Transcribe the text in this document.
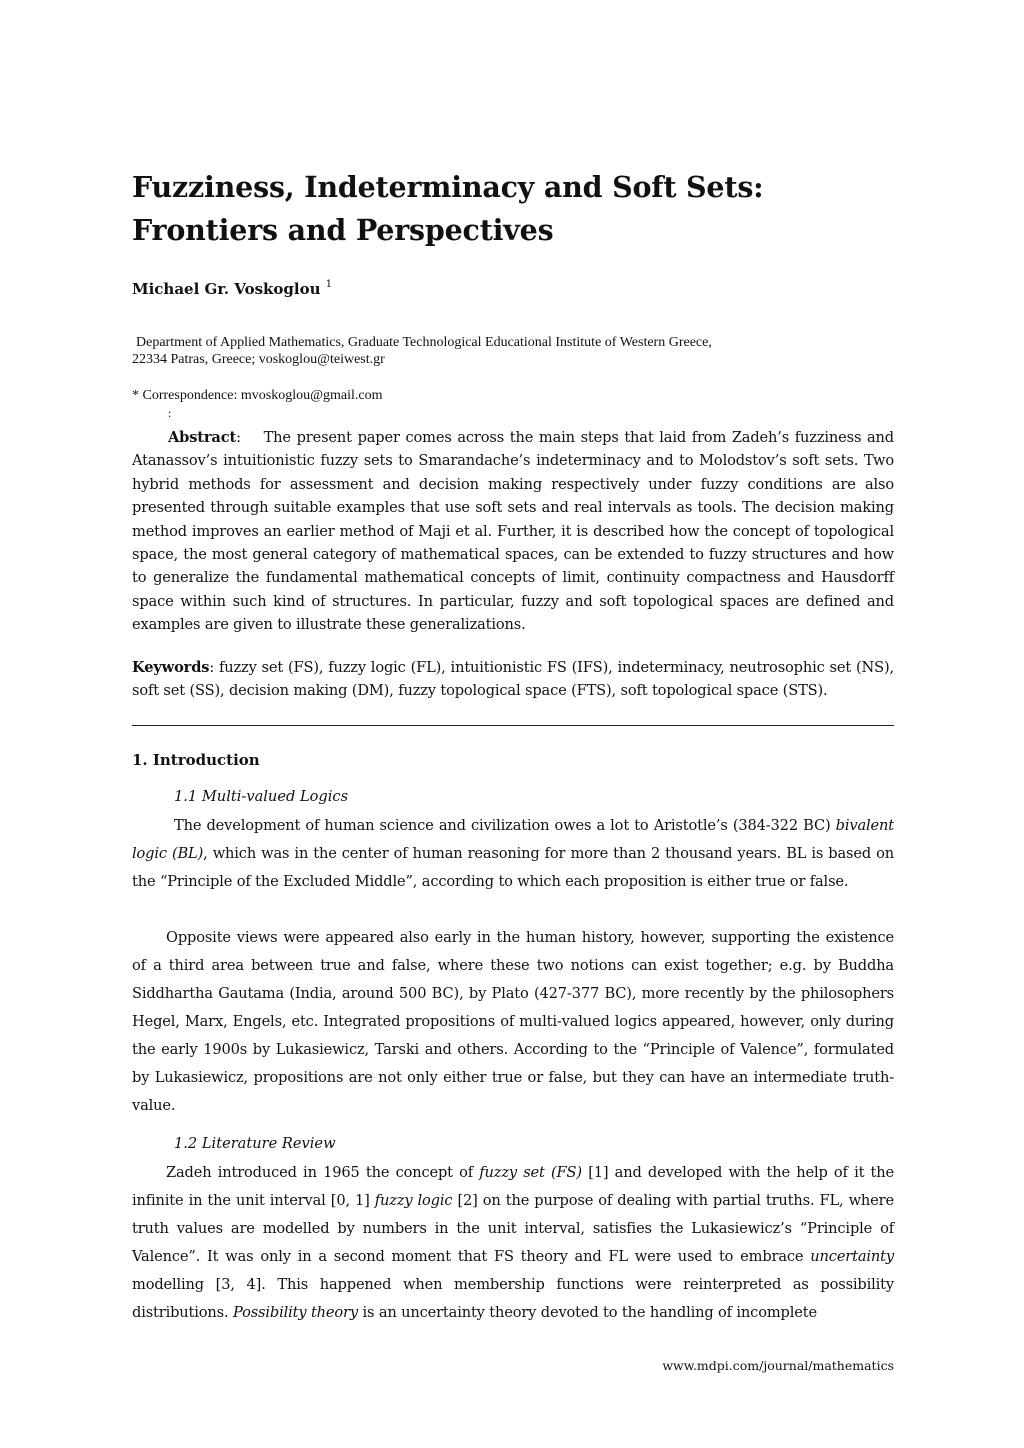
Fuzziness, Indeterminacy and Soft Sets: Frontiers and Perspectives
Michael Gr. Voskoglou $^1$
Department of Applied Mathematics, Graduate Technological Educational Institute of Western Greece,
22334 Patras, Greece; voskoglou@teiwest.gr
* Correspondence: mvoskoglou@gmail.com
:

Abstract:    The present paper comes across the main steps that laid from Zadeh’s fuzziness and Atanassov’s intuitionistic fuzzy sets to Smarandache’s indeterminacy and to Molodstov’s soft sets. Two hybrid methods for assessment and decision making respectively under fuzzy conditions are also presented through suitable examples that use soft sets and real intervals as tools. The decision making method improves an earlier method of Maji et al. Further, it is described how the concept of topological space, the most general category of mathematical spaces, can be extended to fuzzy structures and how to generalize the fundamental mathematical concepts of limit, continuity compactness and Hausdorff space within such kind of structures. In particular, fuzzy and soft topological spaces are defined and examples are given to illustrate these generalizations.

Keywords: fuzzy set (FS), fuzzy logic (FL), intuitionistic FS (IFS), indeterminacy, neutrosophic set (NS), soft set (SS), decision making (DM), fuzzy topological space (FTS), soft topological space (STS).

1. Introduction
1.1 Multi-valued Logics

The development of human science and civilization owes a lot to Aristotle’s (384-322 BC) bivalent logic (BL), which was in the center of human reasoning for more than 2 thousand years. BL is based on the “Principle of the Excluded Middle”, according to which each proposition is either true or false.

Opposite views were appeared also early in the human history, however, supporting the existence of a third area between true and false, where these two notions can exist together; e.g. by Buddha Siddhartha Gautama (India, around 500 BC), by Plato (427-377 BC), more recently by the philosophers Hegel, Marx, Engels, etc. Integrated propositions of multi-valued logics appeared, however, only during the early 1900s by Lukasiewicz, Tarski and others. According to the “Principle of Valence”, formulated by Lukasiewicz, propositions are not only either true or false, but they can have an intermediate truth-value.

1.2 Literature Review

Zadeh introduced in 1965 the concept of fuzzy set (FS) [1] and developed with the help of it the infinite in the unit interval [0, 1] fuzzy logic [2] on the purpose of dealing with partial truths. FL, where truth values are modelled by numbers in the unit interval, satisfies the Lukasiewicz’s “Principle of Valence”. It was only in a second moment that FS theory and FL were used to embrace uncertainty modelling [3, 4]. This happened when membership functions were reinterpreted as possibility distributions. Possibility theory is an uncertainty theory devoted to the handling of incomplete

www.mdpi.com/journal/mathematics
